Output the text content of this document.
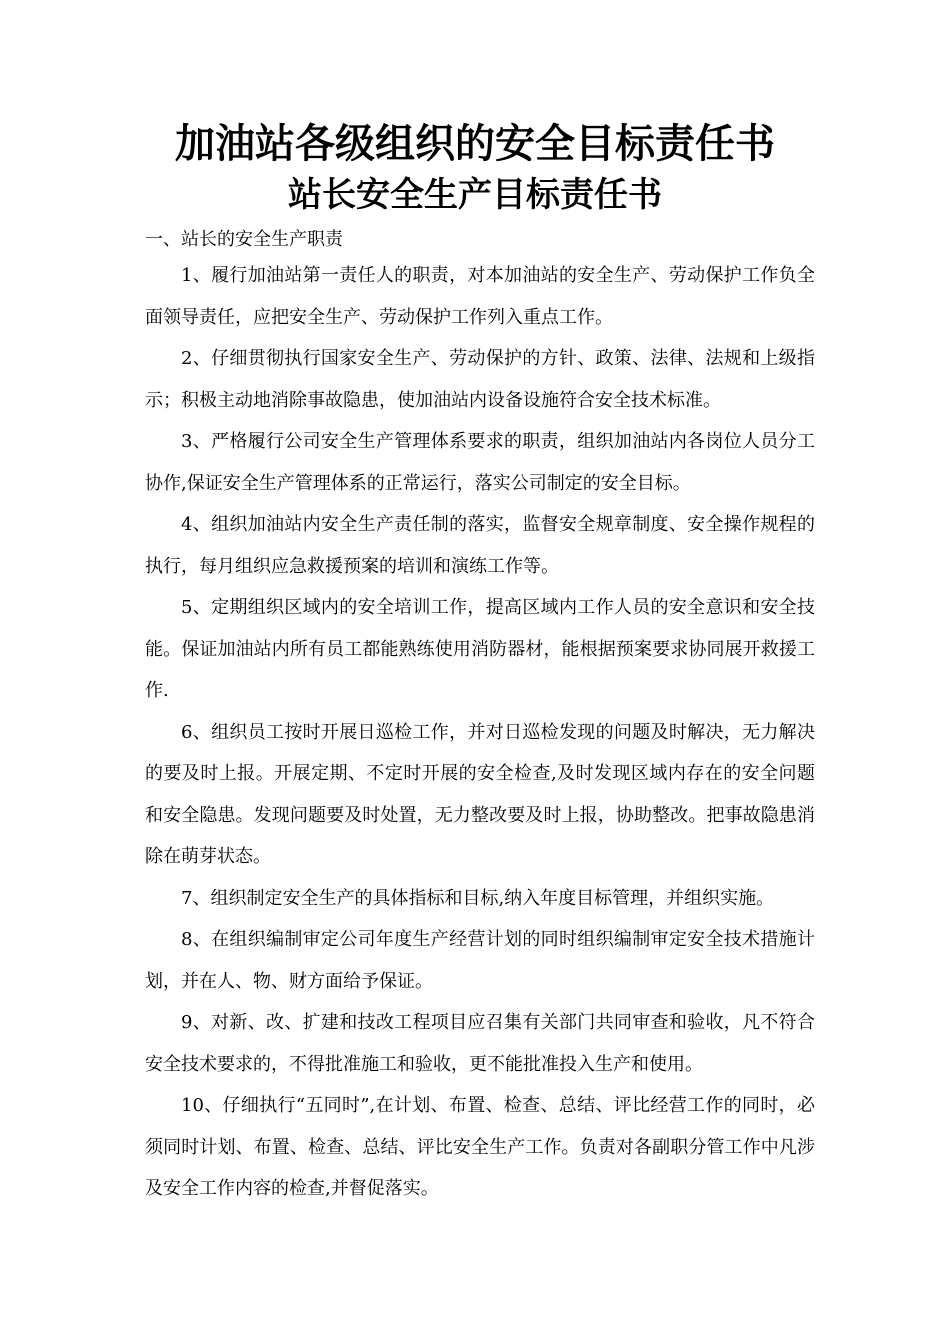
加油站各级组织的安全目标责任书
站长安全生产目标责任书
一、站长的安全生产职责

1、履行加油站第一责任人的职责，对本加油站的安全生产、劳动保护工作负全面领导责任，应把安全生产、劳动保护工作列入重点工作。

2、仔细贯彻执行国家安全生产、劳动保护的方针、政策、法律、法规和上级指示；积极主动地消除事故隐患，使加油站内设备设施符合安全技术标准。

3、严格履行公司安全生产管理体系要求的职责，组织加油站内各岗位人员分工协作,保证安全生产管理体系的正常运行，落实公司制定的安全目标。

4、组织加油站内安全生产责任制的落实，监督安全规章制度、安全操作规程的执行，每月组织应急救援预案的培训和演练工作等。

5、定期组织区域内的安全培训工作，提高区域内工作人员的安全意识和安全技能。保证加油站内所有员工都能熟练使用消防器材，能根据预案要求协同展开救援工作.

6、组织员工按时开展日巡检工作，并对日巡检发现的问题及时解决，无力解决的要及时上报。开展定期、不定时开展的安全检查,及时发现区域内存在的安全问题和安全隐患。发现问题要及时处置，无力整改要及时上报，协助整改。把事故隐患消除在萌芽状态。

7、组织制定安全生产的具体指标和目标,纳入年度目标管理，并组织实施。

8、在组织编制审定公司年度生产经营计划的同时组织编制审定安全技术措施计划，并在人、物、财方面给予保证。

9、对新、改、扩建和技改工程项目应召集有关部门共同审查和验收，凡不符合安全技术要求的，不得批准施工和验收，更不能批准投入生产和使用。

10、仔细执行“五同时”,在计划、布置、检查、总结、评比经营工作的同时，必须同时计划、布置、检查、总结、评比安全生产工作。负责对各副职分管工作中凡涉及安全工作内容的检查,并督促落实。
